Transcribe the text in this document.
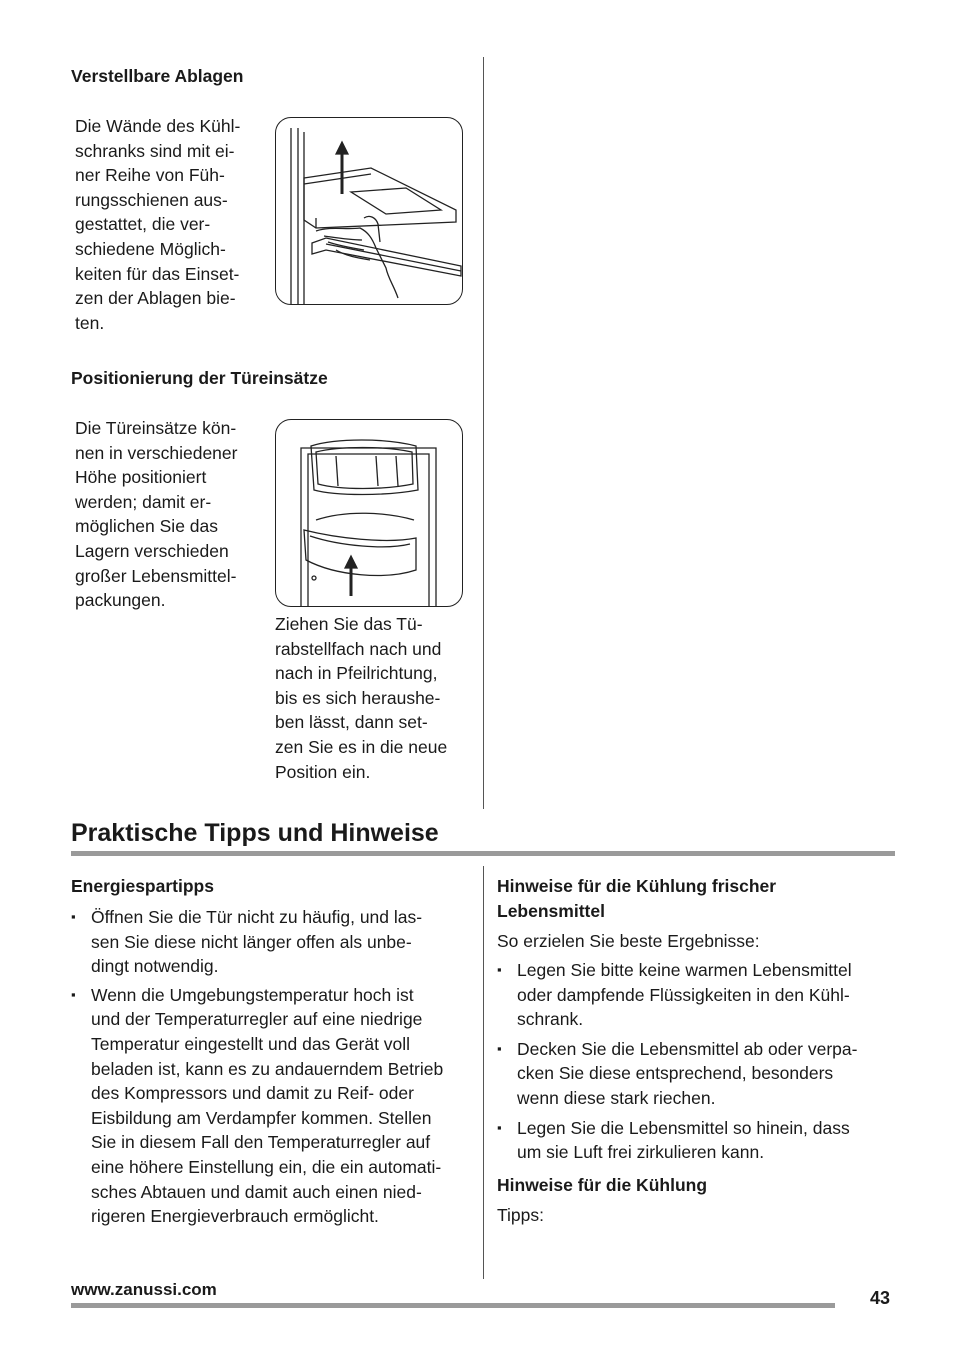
Verstellbare Ablagen
Die Wände des Kühl-
schranks sind mit ei-
ner Reihe von Füh-
rungsschienen aus-
gestattet, die ver-
schiedene Möglich-
keiten für das Einset-
zen der Ablagen bie-
ten.
Positionierung der Türeinsätze
Die Türeinsätze kön-
nen in verschiedener
Höhe positioniert
werden; damit er-
möglichen Sie das
Lagern verschieden
großer Lebensmittel-
packungen.
Ziehen Sie das Tü-
rabstellfach nach und
nach in Pfeilrichtung,
bis es sich heraushe-
ben lässt, dann set-
zen Sie es in die neue
Position ein.
Praktische Tipps und Hinweise
Energiespartipps
▪ Öffnen Sie die Tür nicht zu häufig, und las-
sen Sie diese nicht länger offen als unbe-
dingt notwendig.
▪ Wenn die Umgebungstemperatur hoch ist
und der Temperaturregler auf eine niedrige
Temperatur eingestellt und das Gerät voll
beladen ist, kann es zu andauerndem Betrieb
des Kompressors und damit zu Reif- oder
Eisbildung am Verdampfer kommen. Stellen
Sie in diesem Fall den Temperaturregler auf
eine höhere Einstellung ein, die ein automati-
sches Abtauen und damit auch einen nied-
rigeren Energieverbrauch ermöglicht.
Hinweise für die Kühlung frischer
Lebensmittel
So erzielen Sie beste Ergebnisse:
▪ Legen Sie bitte keine warmen Lebensmittel
oder dampfende Flüssigkeiten in den Kühl-
schrank.
▪ Decken Sie die Lebensmittel ab oder verpa-
cken Sie diese entsprechend, besonders
wenn diese stark riechen.
▪ Legen Sie die Lebensmittel so hinein, dass
um sie Luft frei zirkulieren kann.
Hinweise für die Kühlung
Tipps:
www.zanussi.com	43
